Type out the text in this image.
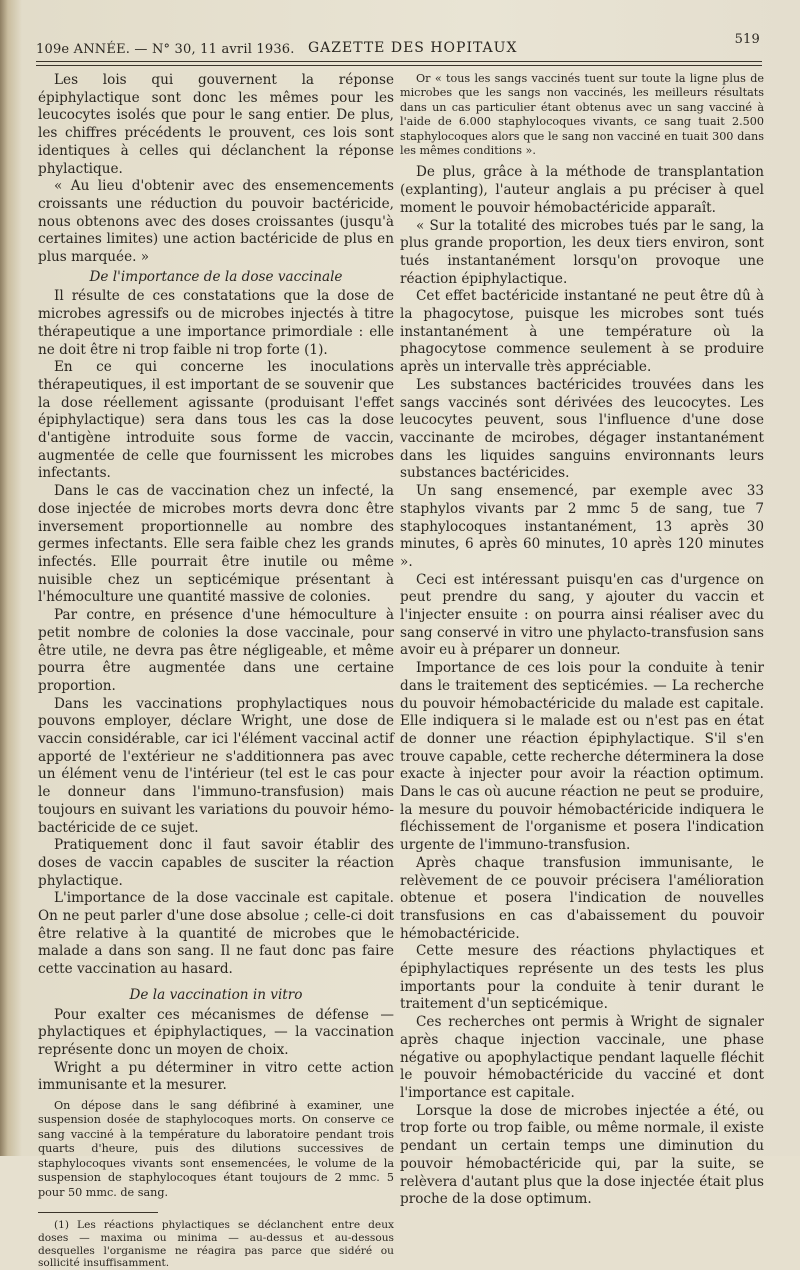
109e ANNÉE. — N° 30, 11 avril 1936. GAZETTE DES HOPITAUX
519

Les lois qui gouvernent la réponse épiphylactique sont donc les mêmes pour les leucocytes isolés que pour le sang entier. De plus, les chiffres précédents le prouvent, ces lois sont identiques à celles qui déclanchent la réponse phylactique.

« Au lieu d'obtenir avec des ensemencements croissants une réduction du pouvoir bactéricide, nous obtenons avec des doses croissantes (jusqu'à certaines limites) une action bactéricide de plus en plus marquée. »

De l'importance de la dose vaccinale

Il résulte de ces constatations que la dose de microbes agressifs ou de microbes injectés à titre thérapeutique a une importance primordiale : elle ne doit être ni trop faible ni trop forte (1).

En ce qui concerne les inoculations thérapeutiques, il est important de se souvenir que la dose réellement agissante (produisant l'effet épiphylactique) sera dans tous les cas la dose d'antigène introduite sous forme de vaccin, augmentée de celle que fournissent les microbes infectants.

Dans le cas de vaccination chez un infecté, la dose injectée de microbes morts devra donc être inversement proportionnelle au nombre des germes infectants. Elle sera faible chez les grands infectés. Elle pourrait être inutile ou même nuisible chez un septicémique présentant à l'hémoculture une quantité massive de colonies.

Par contre, en présence d'une hémoculture à petit nombre de colonies la dose vaccinale, pour être utile, ne devra pas être négligeable, et même pourra être augmentée dans une certaine proportion.

Dans les vaccinations prophylactiques nous pouvons employer, déclare Wright, une dose de vaccin considérable, car ici l'élément vaccinal actif apporté de l'extérieur ne s'additionnera pas avec un élément venu de l'intérieur (tel est le cas pour le donneur dans l'immuno-transfusion) mais toujours en suivant les variations du pouvoir hémo-bactéricide de ce sujet.

Pratiquement donc il faut savoir établir des doses de vaccin capables de susciter la réaction phylactique.

L'importance de la dose vaccinale est capitale. On ne peut parler d'une dose absolue ; celle-ci doit être relative à la quantité de microbes que le malade a dans son sang. Il ne faut donc pas faire cette vaccination au hasard.

De la vaccination in vitro

Pour exalter ces mécanismes de défense — phylactiques et épiphylactiques, — la vaccination représente donc un moyen de choix.

Wright a pu déterminer in vitro cette action immunisante et la mesurer.

On dépose dans le sang défibriné à examiner, une suspension dosée de staphylocoques morts. On conserve ce sang vacciné à la température du laboratoire pendant trois quarts d'heure, puis des dilutions successives de staphylocoques vivants sont ensemencées, le volume de la suspension de staphylocoques étant toujours de 2 mmc. 5 pour 50 mmc. de sang.

(1) Les réactions phylactiques se déclanchent entre deux doses — maxima ou minima — au-dessus et au-dessous desquelles l'organisme ne réagira pas parce que sidéré ou sollicité insuffisamment.

Or « tous les sangs vaccinés tuent sur toute la ligne plus de microbes que les sangs non vaccinés, les meilleurs résultats dans un cas particulier étant obtenus avec un sang vacciné à l'aide de 6.000 staphylocoques vivants, ce sang tuait 2.500 staphylocoques alors que le sang non vacciné en tuait 300 dans les mêmes conditions ».

De plus, grâce à la méthode de transplantation (explanting), l'auteur anglais a pu préciser à quel moment le pouvoir hémobactéricide apparaît.

« Sur la totalité des microbes tués par le sang, la plus grande proportion, les deux tiers environ, sont tués instantanément lorsqu'on provoque une réaction épiphylactique.

Cet effet bactéricide instantané ne peut être dû à la phagocytose, puisque les microbes sont tués instantanément à une température où la phagocytose commence seulement à se produire après un intervalle très appréciable.

Les substances bactéricides trouvées dans les sangs vaccinés sont dérivées des leucocytes. Les leucocytes peuvent, sous l'influence d'une dose vaccinante de mcirobes, dégager instantanément dans les liquides sanguins environnants leurs substances bactéricides.

Un sang ensemencé, par exemple avec 33 staphylos vivants par 2 mmc 5 de sang, tue 7 staphylocoques instantanément, 13 après 30 minutes, 6 après 60 minutes, 10 après 120 minutes ».

Ceci est intéressant puisqu'en cas d'urgence on peut prendre du sang, y ajouter du vaccin et l'injecter ensuite : on pourra ainsi réaliser avec du sang conservé in vitro une phylacto-transfusion sans avoir eu à préparer un donneur.

Importance de ces lois pour la conduite à tenir dans le traitement des septicémies. — La recherche du pouvoir hémobactéricide du malade est capitale. Elle indiquera si le malade est ou n'est pas en état de donner une réaction épiphylactique. S'il s'en trouve capable, cette recherche déterminera la dose exacte à injecter pour avoir la réaction optimum. Dans le cas où aucune réaction ne peut se produire, la mesure du pouvoir hémobactéricide indiquera le fléchissement de l'organisme et posera l'indication urgente de l'immuno-transfusion.

Après chaque transfusion immunisante, le relèvement de ce pouvoir précisera l'amélioration obtenue et posera l'indication de nouvelles transfusions en cas d'abaissement du pouvoir hémobactéricide.

Cette mesure des réactions phylactiques et épiphylactiques représente un des tests les plus importants pour la conduite à tenir durant le traitement d'un septicémique.

Ces recherches ont permis à Wright de signaler après chaque injection vaccinale, une phase négative ou apophylactique pendant laquelle fléchit le pouvoir hémobactéricide du vacciné et dont l'importance est capitale.

Lorsque la dose de microbes injectée a été, ou trop forte ou trop faible, ou même normale, il existe pendant un certain temps une diminution du pouvoir hémobactéricide qui, par la suite, se relèvera d'autant plus que la dose injectée était plus proche de la dose optimum.
